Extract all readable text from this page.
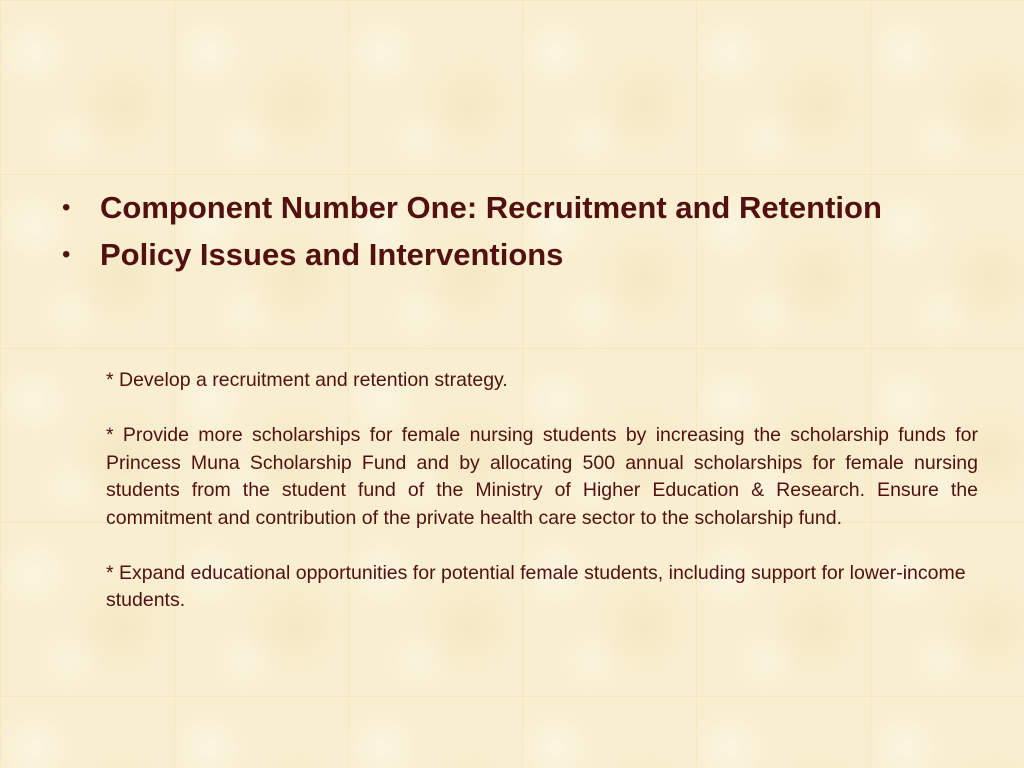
• Component Number One: Recruitment and Retention
• Policy Issues and Interventions

* Develop a recruitment and retention strategy.

* Provide more scholarships for female nursing students by increasing the scholarship funds for Princess Muna Scholarship Fund and by allocating 500 annual scholarships for female nursing students from the student fund of the Ministry of Higher Education & Research. Ensure the commitment and contribution of the private health care sector to the scholarship fund.

* Expand educational opportunities for potential female students, including support for lower-income students.
